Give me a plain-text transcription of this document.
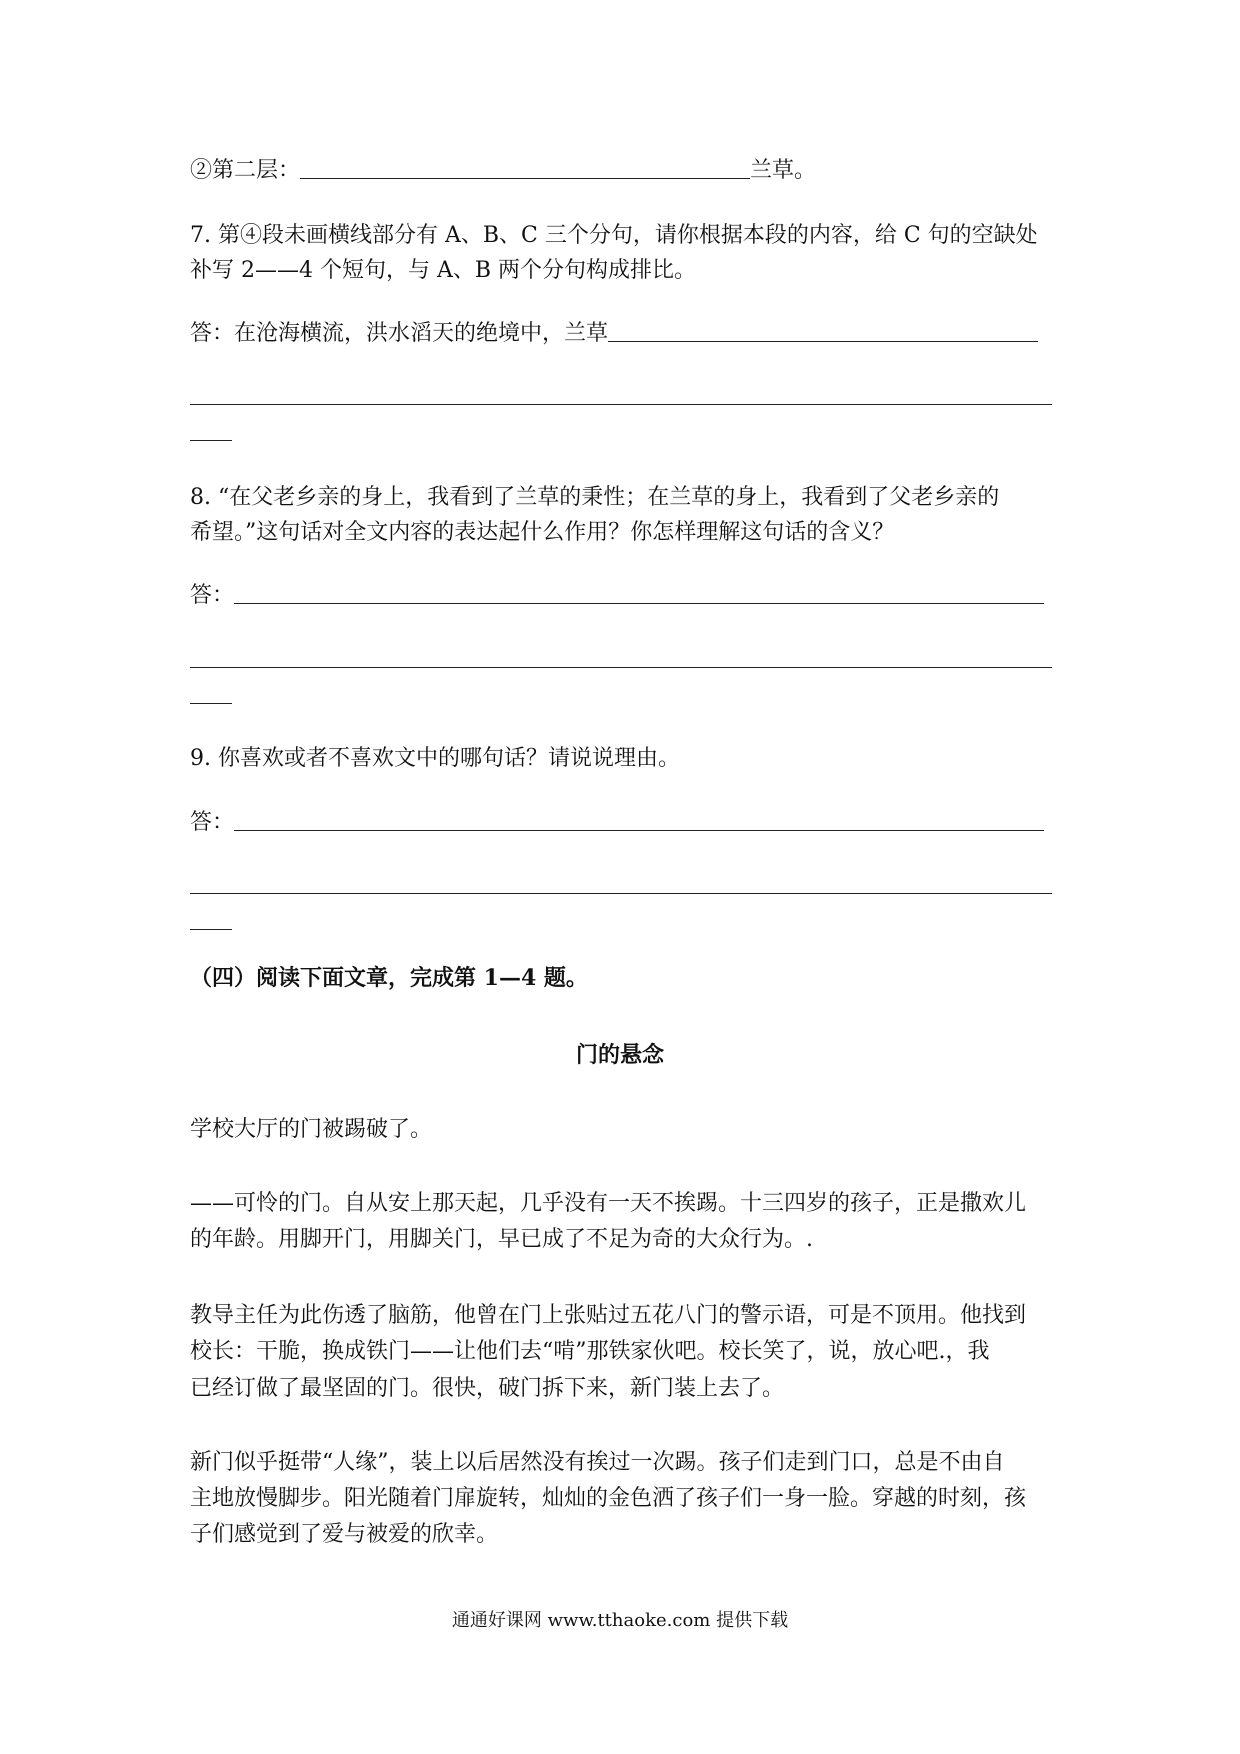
②第二层：	兰草。
7. 第④段未画横线部分有 A、B、C 三个分句，请你根据本段的内容，给 C 句的空缺处
补写 2——4 个短句，与 A、B 两个分句构成排比。
答：在沧海横流，洪水滔天的绝境中，兰草
8. “在父老乡亲的身上，我看到了兰草的秉性；在兰草的身上，我看到了父老乡亲的
希望。”这句话对全文内容的表达起什么作用？你怎样理解这句话的含义？
答：
9. 你喜欢或者不喜欢文中的哪句话？请说说理由。
答：
（四）阅读下面文章，完成第 1—4 题。
门的悬念
学校大厅的门被踢破了。
——可怜的门。自从安上那天起，几乎没有一天不挨踢。十三四岁的孩子，正是撒欢儿
的年龄。用脚开门，用脚关门，早已成了不足为奇的大众行为。.
教导主任为此伤透了脑筋，他曾在门上张贴过五花八门的警示语，可是不顶用。他找到
校长：干脆，换成铁门——让他们去“啃”那铁家伙吧。校长笑了，说，放心吧.，我
已经订做了最坚固的门。很快，破门拆下来，新门装上去了。
新门似乎挺带“人缘”，装上以后居然没有挨过一次踢。孩子们走到门口，总是不由自
主地放慢脚步。阳光随着门扉旋转，灿灿的金色洒了孩子们一身一脸。穿越的时刻，孩
子们感觉到了爱与被爱的欣幸。
通通好课网 www.tthaoke.com 提供下载
